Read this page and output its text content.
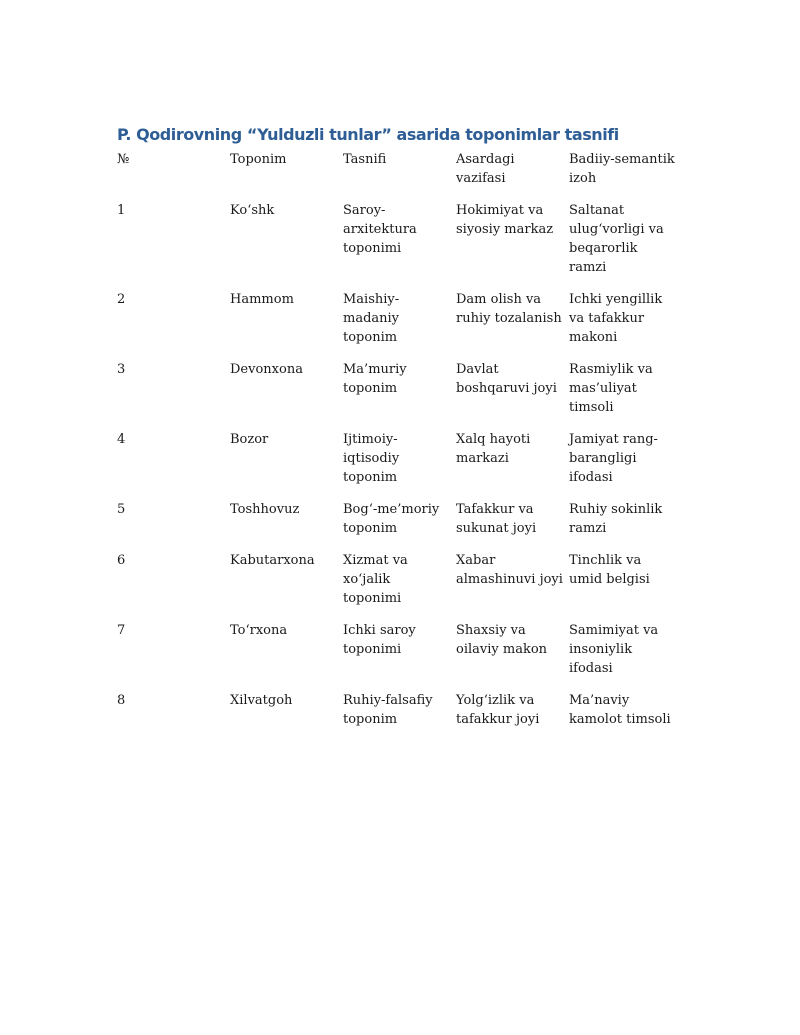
P. Qodirovning “Yulduzli tunlar” asarida toponimlar tasnifi
№	Toponim	Tasnifi	Asardagi vazifasi	Badiiy-semantik izoh
1	Ko‘shk	Saroy-arxitektura toponimi	Hokimiyat va siyosiy markaz	Saltanat ulug‘vorligi va beqarorlik ramzi
2	Hammom	Maishiy-madaniy toponim	Dam olish va ruhiy tozalanish	Ichki yengillik va tafakkur makoni
3	Devonxona	Ma’muriy toponim	Davlat boshqaruvi joyi	Rasmiylik va mas’uliyat timsoli
4	Bozor	Ijtimoiy-iqtisodiy toponim	Xalq hayoti markazi	Jamiyat rang-barangligi ifodasi
5	Toshhovuz	Bog‘-me’moriy toponim	Tafakkur va sukunat joyi	Ruhiy sokinlik ramzi
6	Kabutarxona	Xizmat va xo‘jalik toponimi	Xabar almashinuvi joyi	Tinchlik va umid belgisi
7	To‘rxona	Ichki saroy toponimi	Shaxsiy va oilaviy makon	Samimiyat va insoniylik ifodasi
8	Xilvatgoh	Ruhiy-falsafiy toponim	Yolg‘izlik va tafakkur joyi	Ma’naviy kamolot timsoli
